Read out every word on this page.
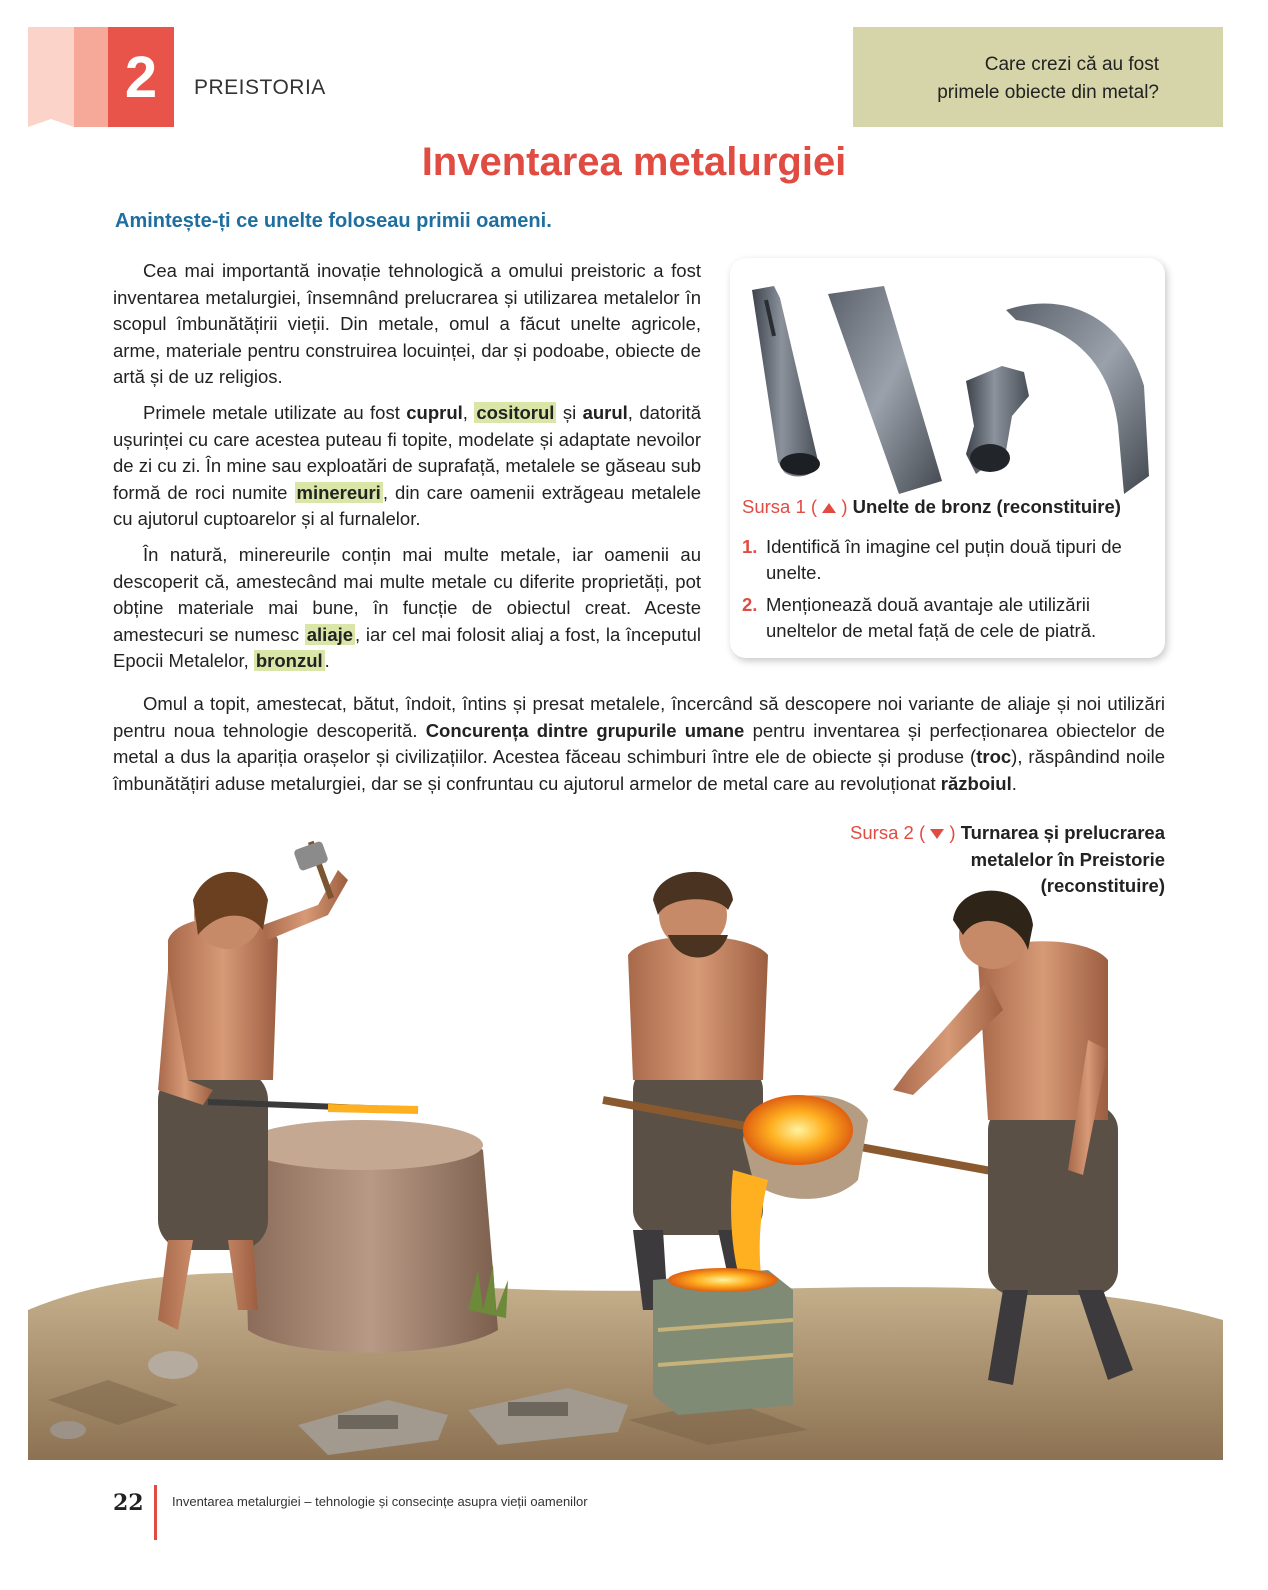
2	PREISTORIA
Care crezi că au fost
primele obiecte din metal?
Inventarea metalurgiei
Amintește-ți ce unelte foloseau primii oameni.

Cea mai importantă inovație tehnologică a omului preistoric a fost inventarea metalurgiei, însemnând prelucrarea și utilizarea metalelor în scopul îmbunătățirii vieții. Din metale, omul a făcut unelte agricole, arme, materiale pentru construirea locuinței, dar și podoabe, obiecte de artă și de uz religios.

Primele metale utilizate au fost cuprul, cositorul și aurul, datorită ușurinței cu care acestea puteau fi topite, modelate și adaptate nevoilor de zi cu zi. În mine sau exploatări de suprafață, metalele se găseau sub formă de roci numite minereuri , din care oamenii extrăgeau metalele cu ajutorul cuptoarelor și al furnalelor.

În natură, minereurile conțin mai multe metale, iar oamenii au descoperit că, amestecând mai multe metale cu diferite proprietăți, pot obține materiale mai bune, în funcție de obiectul creat. Aceste amestecuri se numesc aliaje , iar cel mai folosit aliaj a fost, la începutul Epocii Metalelor, bronzul .

Sursa 1 ( ) Unelte de bronz (reconstituire)
1. Identifică în imagine cel puțin două tipuri de unelte.
2. Menționează două avantaje ale utilizării uneltelor de metal față de cele de piatră.

Omul a topit, amestecat, bătut, îndoit, întins și presat metalele, încercând să descopere noi variante de aliaje și noi utilizări pentru noua tehnologie descoperită. Concurența dintre grupurile umane pentru inventarea și perfecționarea obiectelor de metal a dus la apariția orașelor și civilizațiilor. Acestea făceau schimburi între ele de obiecte și produse (troc), răspândind noile îmbunătățiri aduse metalurgiei, dar se și confruntau cu ajutorul armelor de metal care au revoluționat războiul.

Sursa 2 ( ) Turnarea și prelucrarea
metalelor în Preistorie
(reconstituire)
22 Inventarea metalurgiei – tehnologie și consecințe asupra vieții oamenilor
